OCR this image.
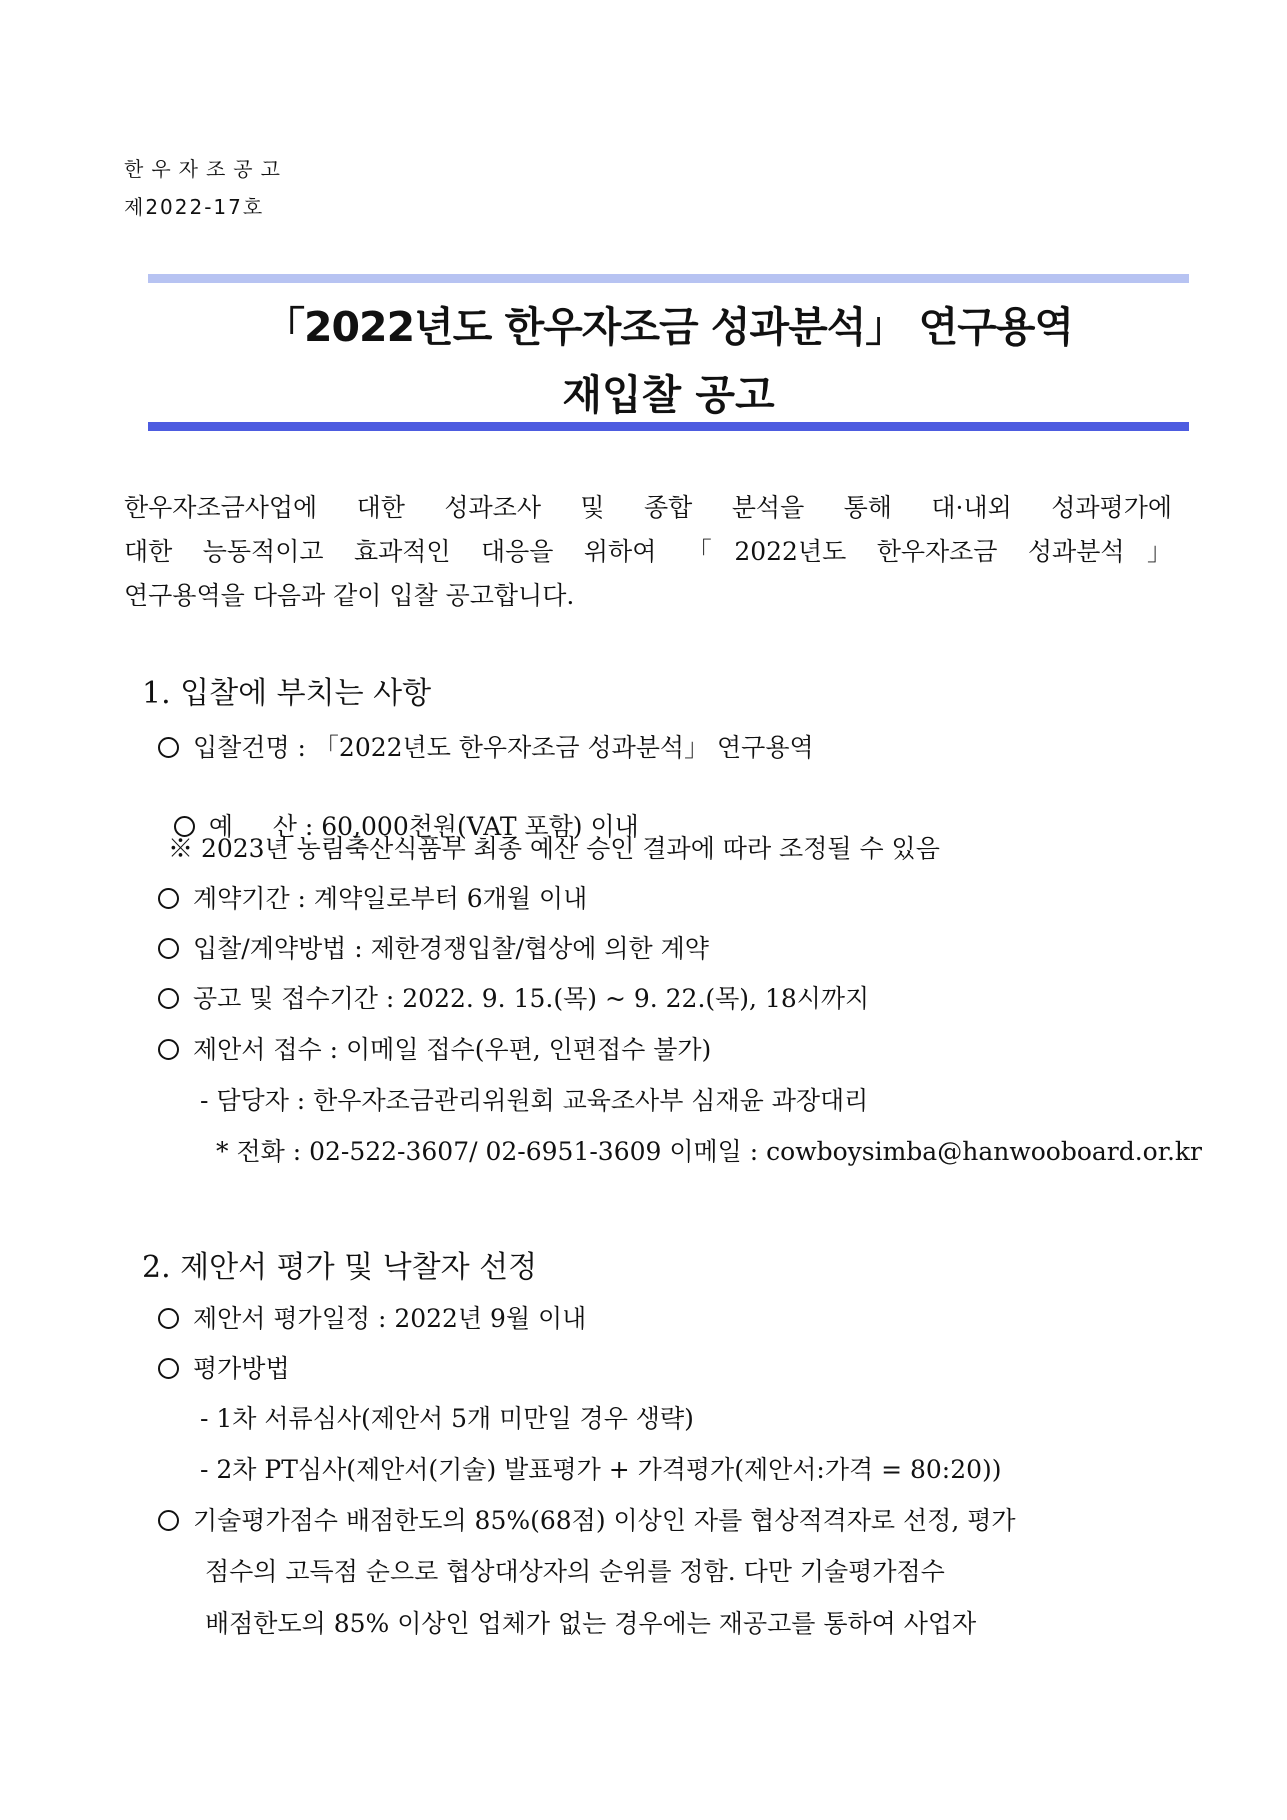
한우자조공고
제2022-17호
「2022년도 한우자조금 성과분석」 연구용역
재입찰 공고
한우자조금사업에 대한 성과조사 및 종합 분석을 통해 대·내외 성과평가에
대한 능동적이고 효과적인 대응을 위하여 「2022년도 한우자조금 성과분석」
연구용역을 다음과 같이 입찰 공고합니다.
1. 입찰에 부치는 사항
입찰건명 : 「2022년도 한우자조금 성과분석」 연구용역

예     산 : 60,000천원(VAT 포함) 이내

※ 2023년 농림축산식품부 최종 예산 승인 결과에 따라 조정될 수 있음
계약기간 : 계약일로부터 6개월 이내
입찰/계약방법 : 제한경쟁입찰/협상에 의한 계약
공고 및 접수기간 : 2022. 9. 15.(목) ~ 9. 22.(목), 18시까지
제안서 접수 : 이메일 접수(우편, 인편접수 불가)
- 담당자 : 한우자조금관리위원회 교육조사부 심재윤 과장대리
* 전화 : 02-522-3607/ 02-6951-3609 이메일 : cowboysimba@hanwooboard.or.kr
2. 제안서 평가 및 낙찰자 선정
제안서 평가일정 : 2022년 9월 이내
평가방법
- 1차 서류심사(제안서 5개 미만일 경우 생략)
- 2차 PT심사(제안서(기술) 발표평가 + 가격평가(제안서:가격 = 80:20))
기술평가점수 배점한도의 85%(68점) 이상인 자를 협상적격자로 선정, 평가
점수의 고득점 순으로 협상대상자의 순위를 정함. 다만 기술평가점수
배점한도의 85% 이상인 업체가 없는 경우에는 재공고를 통하여 사업자
